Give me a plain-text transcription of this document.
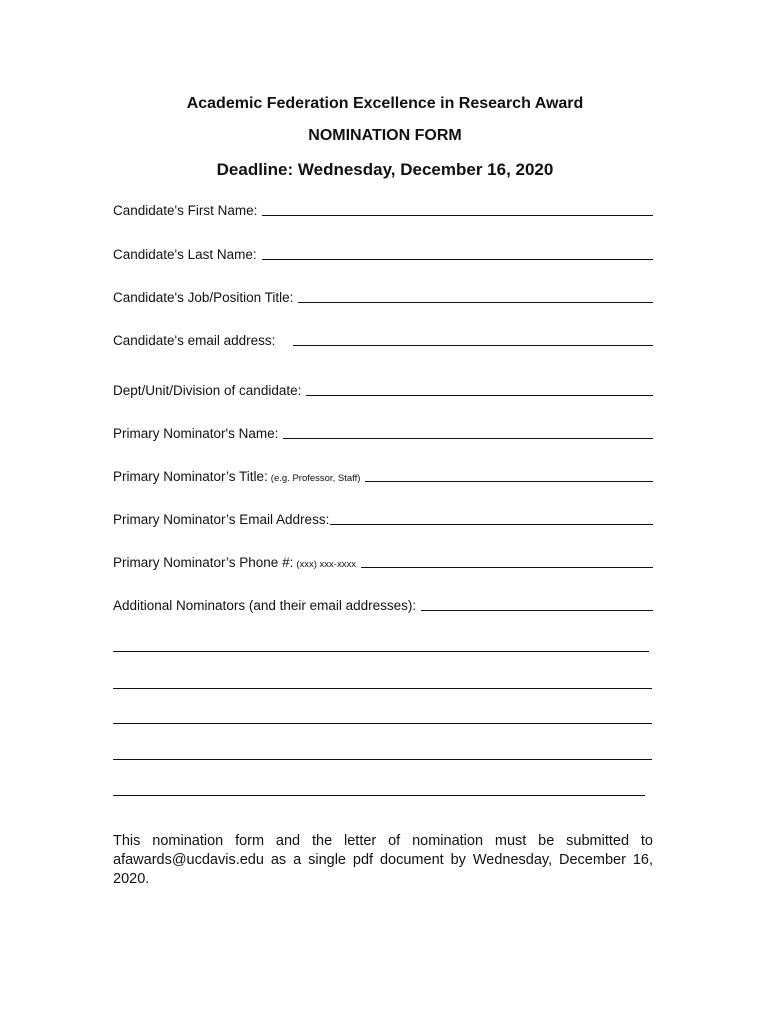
Academic Federation Excellence in Research Award
NOMINATION FORM
Deadline: Wednesday, December 16, 2020
Candidate's First Name:
Candidate's Last Name:
Candidate's Job/Position Title:
Candidate's email address:
Dept/Unit/Division of candidate:
Primary Nominator's Name:
Primary Nominator’s Title: (e.g. Professor, Staff)
Primary Nominator’s Email Address:
Primary Nominator’s Phone #: (xxx) xxx-xxxx
Additional Nominators (and their email addresses):

This nomination form and the letter of nomination must be submitted to afawards@ucdavis.edu as a single pdf document by Wednesday, December 16, 2020.
